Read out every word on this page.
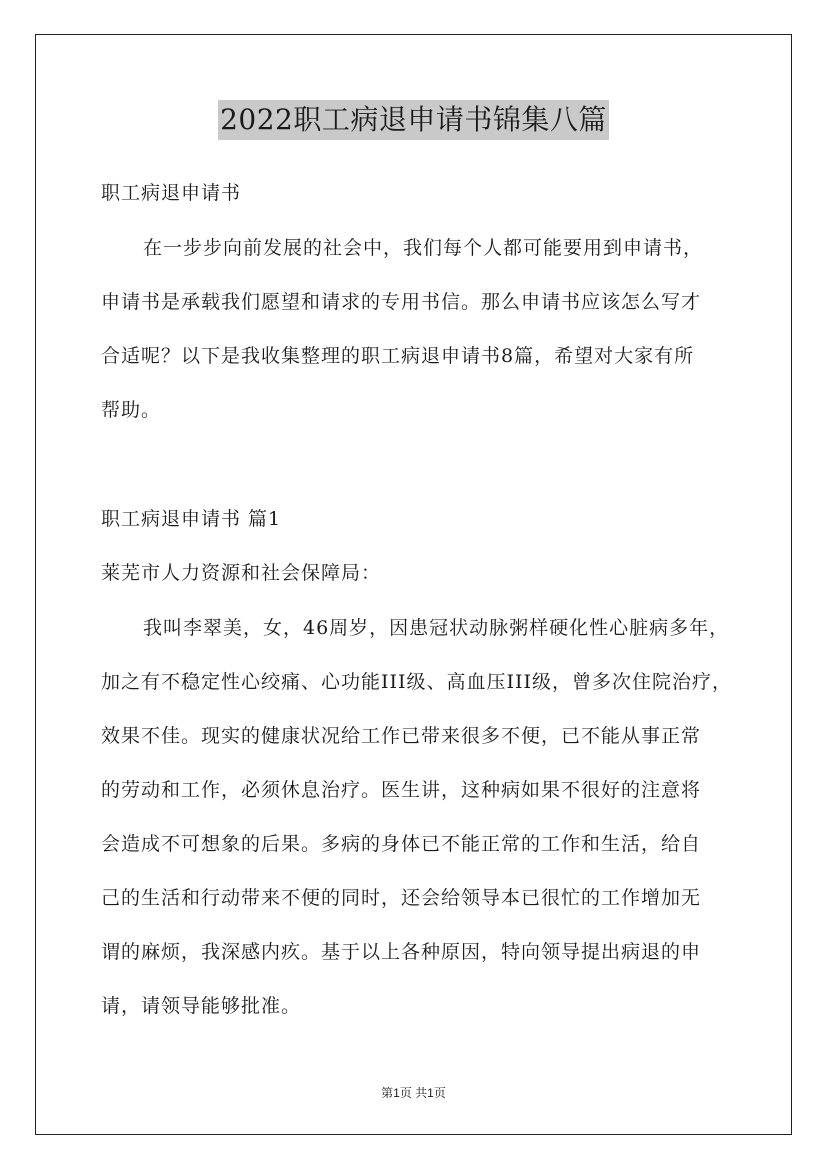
2022职工病退申请书锦集八篇
职工病退申请书
在一步步向前发展的社会中，我们每个人都可能要用到申请书，
申请书是承载我们愿望和请求的专用书信。那么申请书应该怎么写才
合适呢？以下是我收集整理的职工病退申请书8篇，希望对大家有所
帮助。
职工病退申请书 篇1
莱芜市人力资源和社会保障局：
我叫李翠美，女，46周岁，因患冠状动脉粥样硬化性心脏病多年，
加之有不稳定性心绞痛、心功能III级、高血压III级，曾多次住院治疗，
效果不佳。现实的健康状况给工作已带来很多不便，已不能从事正常
的劳动和工作，必须休息治疗。医生讲，这种病如果不很好的注意将
会造成不可想象的后果。多病的身体已不能正常的工作和生活，给自
己的生活和行动带来不便的同时，还会给领导本已很忙的工作增加无
谓的麻烦，我深感内疚。基于以上各种原因，特向领导提出病退的申
请，请领导能够批准。
第1页 共1页
